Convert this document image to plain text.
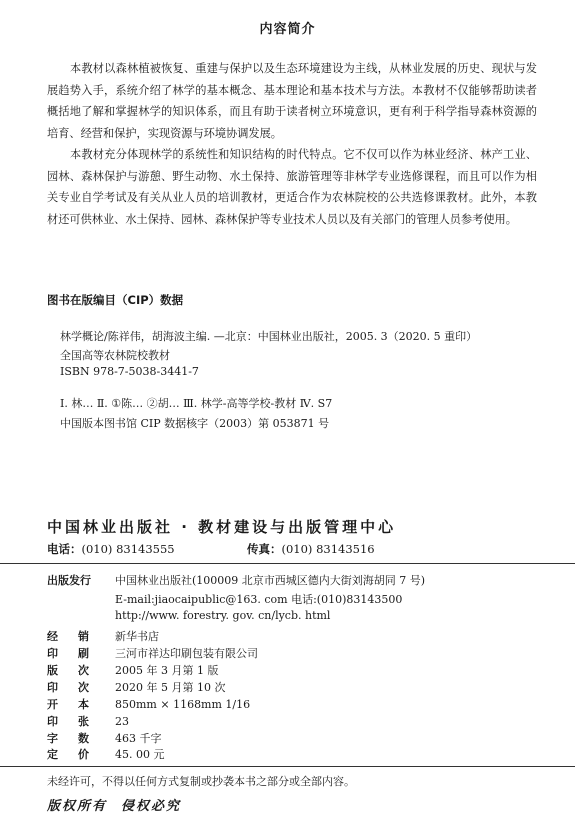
内容简介

本教材以森林植被恢复、重建与保护以及生态环境建设为主线，从林业发展的历史、现状与发展趋势入手，系统介绍了林学的基本概念、基本理论和基本技术与方法。本教材不仅能够帮助读者概括地了解和掌握林学的知识体系，而且有助于读者树立环境意识，更有利于科学指导森林资源的培育、经营和保护，实现资源与环境协调发展。

本教材充分体现林学的系统性和知识结构的时代特点。它不仅可以作为林业经济、林产工业、园林、森林保护与游憩、野生动物、水土保持、旅游管理等非林学专业选修课程，而且可以作为相关专业自学考试及有关从业人员的培训教材，更适合作为农林院校的公共选修课教材。此外，本教材还可供林业、水土保持、园林、森林保护等专业技术人员以及有关部门的管理人员参考使用。

图书在版编目（CIP）数据
林学概论/陈祥伟，胡海波主编. —北京：中国林业出版社，2005. 3（2020. 5 重印）
全国高等农林院校教材
ISBN 978-7-5038-3441-7
Ⅰ. 林… Ⅱ. ①陈… ②胡… Ⅲ. 林学-高等学校-教材 Ⅳ. S7
中国版本图书馆 CIP 数据核字（2003）第 053871 号
中国林业出版社 · 教材建设与出版管理中心
电话：(010) 83143555	传真：(010) 83143516
出版发行 中国林业出版社(100009 北京市西城区德内大街刘海胡同 7 号)
E-mail:jiaocaipublic@163. com 电话:(010)83143500
http://www. forestry. gov. cn/lycb. html
经销 新华书店
印刷 三河市祥达印刷包装有限公司
版次 2005 年 3 月第 1 版
印次 2020 年 5 月第 10 次
开本 850mm × 1168mm 1/16
印张 23
字数 463 千字
定价 45. 00 元
未经许可，不得以任何方式复制或抄袭本书之部分或全部内容。
版权所有 侵权必究
